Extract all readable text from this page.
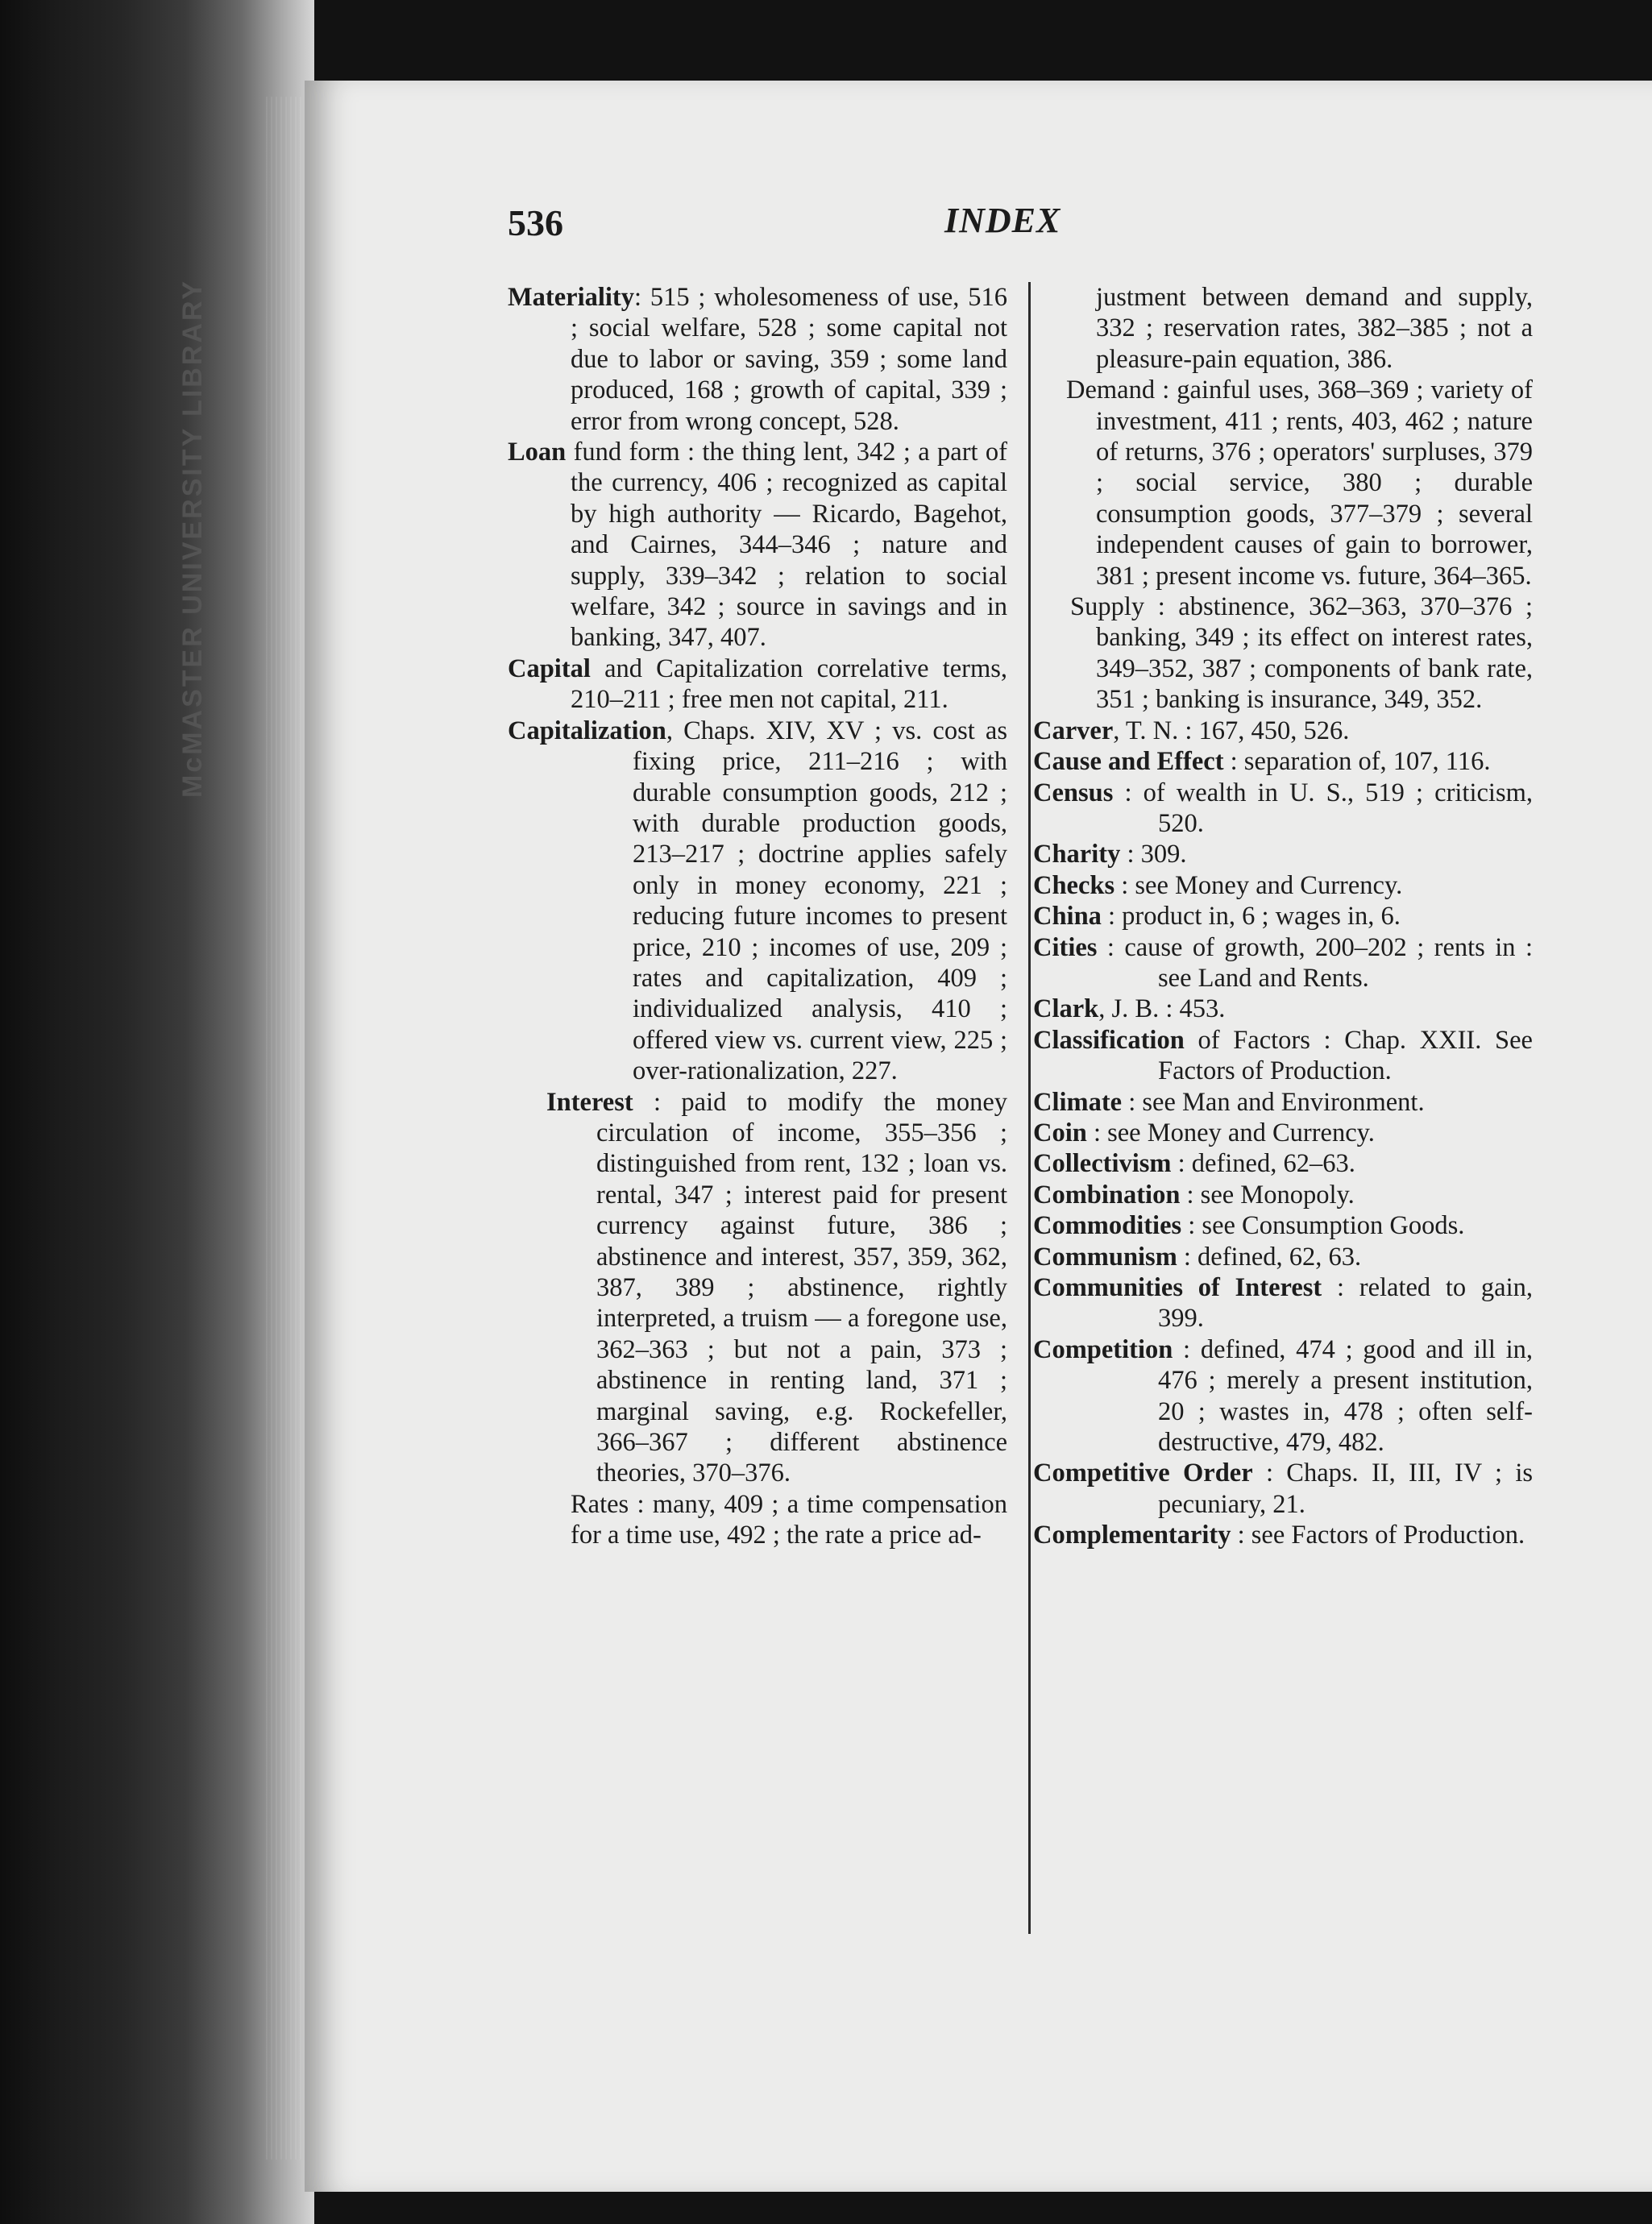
McMASTER UNIVERSITY LIBRARY
536	INDEX
Materiality: 515 ; wholesomeness of use, 516 ; social welfare, 528 ; some capital not due to labor or saving, 359 ; some land produced, 168 ; growth of capital, 339 ; error from wrong concept, 528.
Loan fund form : the thing lent, 342 ; a part of the currency, 406 ; recognized as capital by high authority — Ricardo, Bagehot, and Cairnes, 344–346 ; nature and supply, 339–342 ; relation to social welfare, 342 ; source in savings and in banking, 347, 407.
Capital and Capitalization correlative terms, 210–211 ; free men not capital, 211.
Capitalization, Chaps. XIV, XV ; vs. cost as fixing price, 211–216 ; with durable consumption goods, 212 ; with durable production goods, 213–217 ; doctrine applies safely only in money economy, 221 ; reducing future incomes to present price, 210 ; incomes of use, 209 ; rates and capitalization, 409 ; individualized analysis, 410 ; offered view vs. current view, 225 ; over-rationalization, 227.
Interest : paid to modify the money circulation of income, 355–356 ; distinguished from rent, 132 ; loan vs. rental, 347 ; interest paid for present currency against future, 386 ; abstinence and interest, 357, 359, 362, 387, 389 ; abstinence, rightly interpreted, a truism — a foregone use, 362–363 ; but not a pain, 373 ; abstinence in renting land, 371 ; marginal saving, e.g. Rockefeller, 366–367 ; different abstinence theories, 370–376.
Rates : many, 409 ; a time compensation for a time use, 492 ; the rate a price ad-
justment between demand and supply, 332 ; reservation rates, 382–385 ; not a pleasure-pain equation, 386.
Demand : gainful uses, 368–369 ; variety of investment, 411 ; rents, 403, 462 ; nature of returns, 376 ; operators' surpluses, 379 ; social service, 380 ; durable consumption goods, 377–379 ; several independent causes of gain to borrower, 381 ; present income vs. future, 364–365.
Supply : abstinence, 362–363, 370–376 ; banking, 349 ; its effect on interest rates, 349–352, 387 ; components of bank rate, 351 ; banking is insurance, 349, 352.
Carver, T. N. : 167, 450, 526.
Cause and Effect : separation of, 107, 116.
Census : of wealth in U. S., 519 ; criticism, 520.
Charity : 309.
Checks : see Money and Currency.
China : product in, 6 ; wages in, 6.
Cities : cause of growth, 200–202 ; rents in : see Land and Rents.
Clark, J. B. : 453.
Classification of Factors : Chap. XXII. See Factors of Production.
Climate : see Man and Environment.
Coin : see Money and Currency.
Collectivism : defined, 62–63.
Combination : see Monopoly.
Commodities : see Consumption Goods.
Communism : defined, 62, 63.
Communities of Interest : related to gain, 399.
Competition : defined, 474 ; good and ill in, 476 ; merely a present institution, 20 ; wastes in, 478 ; often self-destructive, 479, 482.
Competitive Order : Chaps. II, III, IV ; is pecuniary, 21.
Complementarity : see Factors of Production.
